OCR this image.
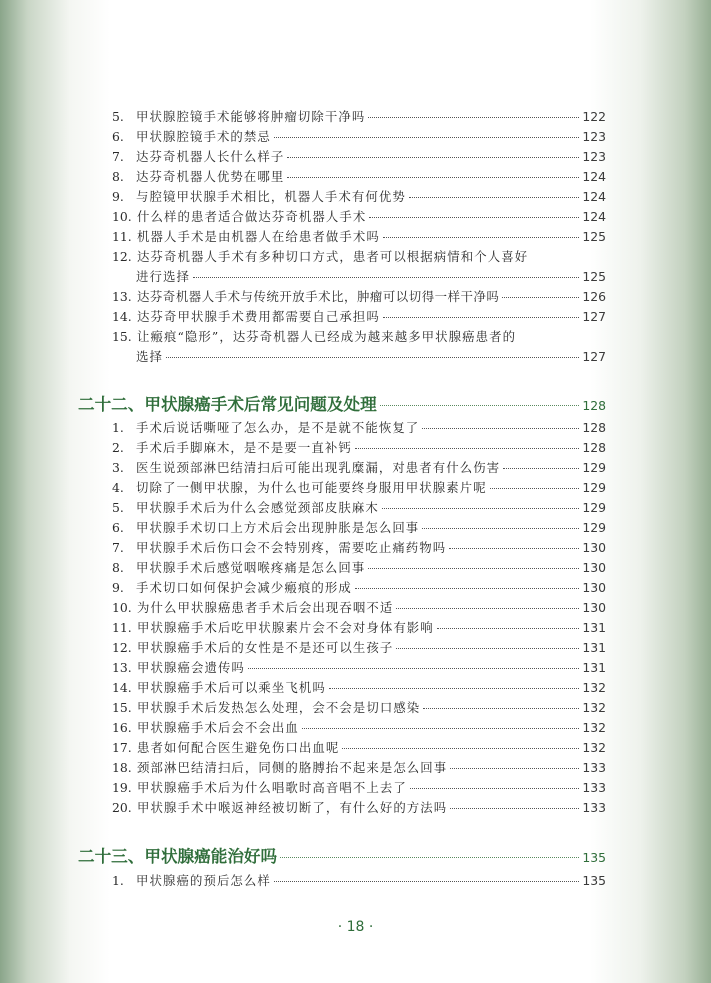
5. 甲状腺腔镜手术能够将肿瘤切除干净吗	122
6. 甲状腺腔镜手术的禁忌	123
7. 达芬奇机器人长什么样子	123
8. 达芬奇机器人优势在哪里	124
9. 与腔镜甲状腺手术相比，机器人手术有何优势	124
10. 什么样的患者适合做达芬奇机器人手术	124
11. 机器人手术是由机器人在给患者做手术吗	125
12. 达芬奇机器人手术有多种切口方式，患者可以根据病情和个人喜好
进行选择	125
13. 达芬奇机器人手术与传统开放手术比，肿瘤可以切得一样干净吗	126
14. 达芬奇甲状腺手术费用都需要自己承担吗	127
15. 让瘢痕“隐形”，达芬奇机器人已经成为越来越多甲状腺癌患者的
选择	127
二十二、甲状腺癌手术后常见问题及处理	128
1. 手术后说话嘶哑了怎么办，是不是就不能恢复了	128
2. 手术后手脚麻木，是不是要一直补钙	128
3. 医生说颈部淋巴结清扫后可能出现乳糜漏，对患者有什么伤害	129
4. 切除了一侧甲状腺，为什么也可能要终身服用甲状腺素片呢	129
5. 甲状腺手术后为什么会感觉颈部皮肤麻木	129
6. 甲状腺手术切口上方术后会出现肿胀是怎么回事	129
7. 甲状腺手术后伤口会不会特别疼，需要吃止痛药物吗	130
8. 甲状腺手术后感觉咽喉疼痛是怎么回事	130
9. 手术切口如何保护会减少瘢痕的形成	130
10. 为什么甲状腺癌患者手术后会出现吞咽不适	130
11. 甲状腺癌手术后吃甲状腺素片会不会对身体有影响	131
12. 甲状腺癌手术后的女性是不是还可以生孩子	131
13. 甲状腺癌会遗传吗	131
14. 甲状腺癌手术后可以乘坐飞机吗	132
15. 甲状腺手术后发热怎么处理，会不会是切口感染	132
16. 甲状腺癌手术后会不会出血	132
17. 患者如何配合医生避免伤口出血呢	132
18. 颈部淋巴结清扫后，同侧的胳膊抬不起来是怎么回事	133
19. 甲状腺癌手术后为什么唱歌时高音唱不上去了	133
20. 甲状腺手术中喉返神经被切断了，有什么好的方法吗	133
二十三、甲状腺癌能治好吗	135
1. 甲状腺癌的预后怎么样	135
· 18 ·
